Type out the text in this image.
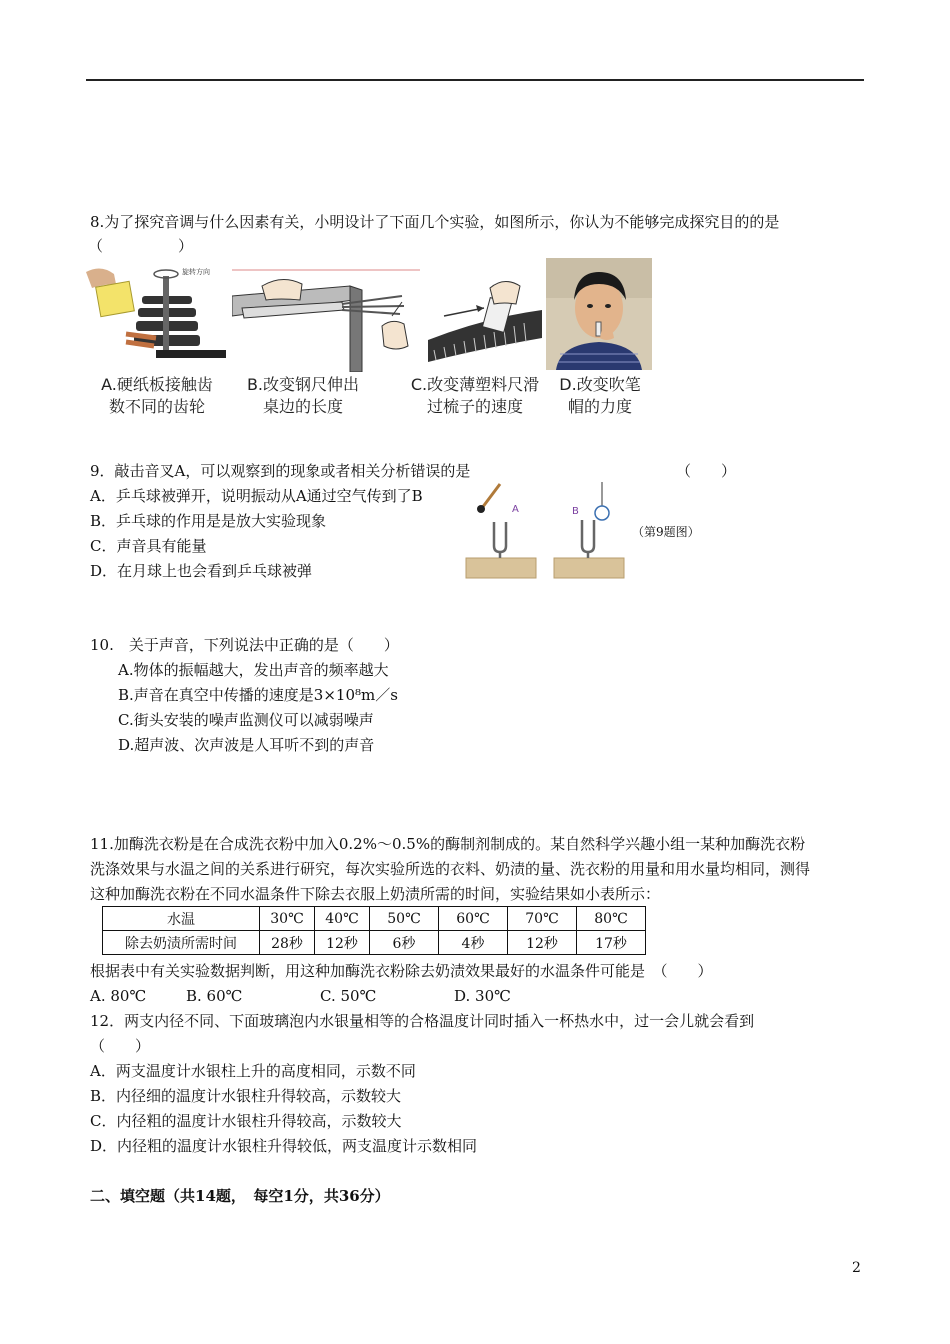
8.为了探究音调与什么因素有关，小明设计了下面几个实验，如图所示，你认为不能够完成探究目的的是
（　　　　　）
旋转方向
A.硬纸板接触齿
数不同的齿轮
B.改变钢尺伸出
桌边的长度
C.改变薄塑料尺滑
过梳子的速度
D.改变吹笔
帽的力度
9．敲击音叉A，可以观察到的现象或者相关分析错误的是	（　　）
A．乒乓球被弹开，说明振动从A通过空气传到了B
B．乒乓球的作用是是放大实验现象
C．声音具有能量
D．在月球上也会看到乒乓球被弹
A	B
（第9题图）
10.　关于声音，下列说法中正确的是（　　）
A.物体的振幅越大，发出声音的频率越大
B.声音在真空中传播的速度是3×10⁸m／s
C.街头安装的噪声监测仪可以减弱噪声
D.超声波、次声波是人耳听不到的声音
11.加酶洗衣粉是在合成洗衣粉中加入0.2%～0.5%的酶制剂制成的。某自然科学兴趣小组一某种加酶洗衣粉
洗涤效果与水温之间的关系进行研究，每次实验所选的衣料、奶渍的量、洗衣粉的用量和用水量均相同，测得
这种加酶洗衣粉在不同水温条件下除去衣服上奶渍所需的时间，实验结果如小表所示：
水温	30℃	40℃	50℃	60℃	70℃	80℃
除去奶渍所需时间	28秒	12秒	6秒	4秒	12秒	17秒
根据表中有关实验数据判断，用这种加酶洗衣粉除去奶渍效果最好的水温条件可能是　（　　）
A. 80℃	B. 60℃	C. 50℃	D. 30℃
12．两支内径不同、下面玻璃泡内水银量相等的合格温度计同时插入一杯热水中，过一会儿就会看到
（　　）
A．两支温度计水银柱上升的高度相同，示数不同
B．内径细的温度计水银柱升得较高，示数较大
C．内径粗的温度计水银柱升得较高，示数较大
D．内径粗的温度计水银柱升得较低，两支温度计示数相同
二、填空题（共14题，　每空1分，共36分）
2
